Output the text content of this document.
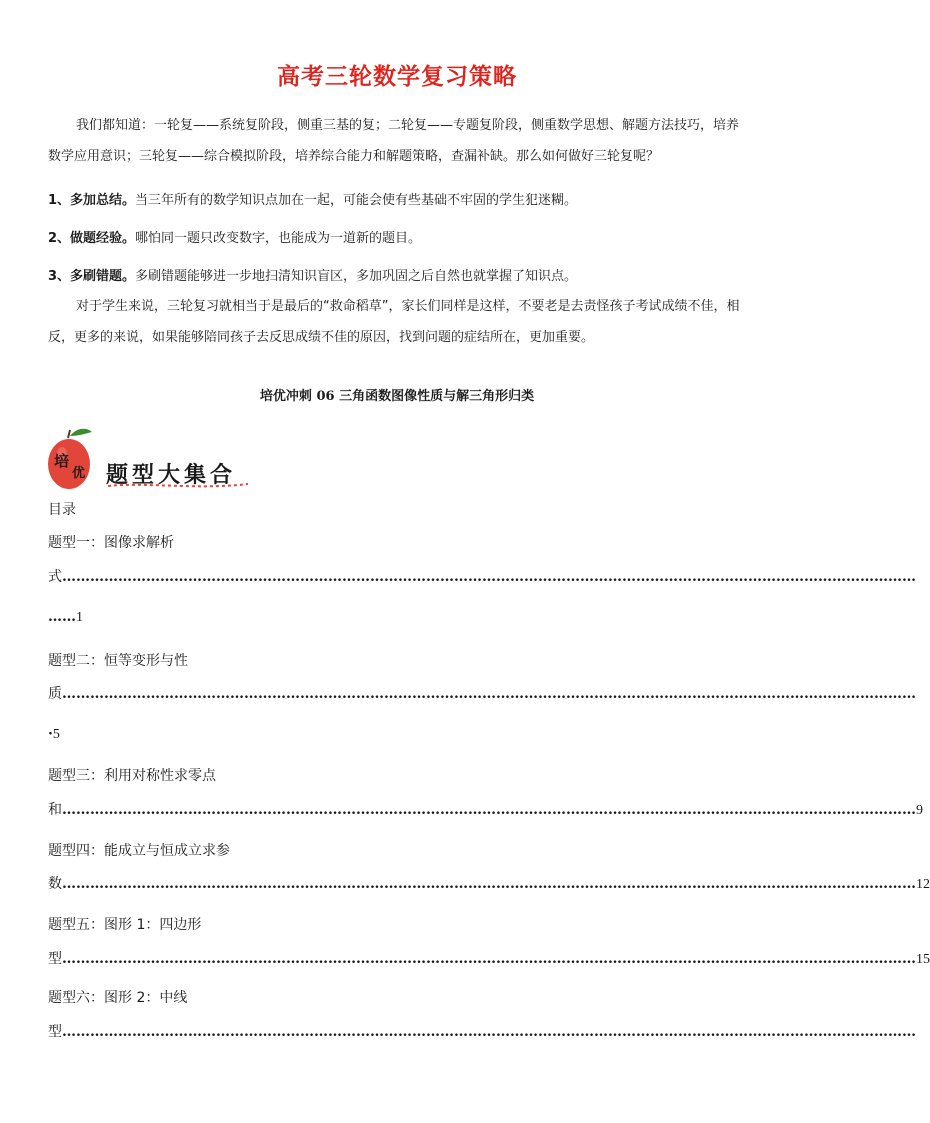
高考三轮数学复习策略
我们都知道：一轮复——系统复阶段，侧重三基的复；二轮复——专题复阶段，侧重数学思想、解题方法技巧，培养数学应用意识；三轮复——综合模拟阶段，培养综合能力和解题策略，查漏补缺。那么如何做好三轮复呢？
1、多加总结。当三年所有的数学知识点加在一起，可能会使有些基础不牢固的学生犯迷糊。
2、做题经验。哪怕同一题只改变数字，也能成为一道新的题目。
3、多刷错题。多刷错题能够进一步地扫清知识盲区，多加巩固之后自然也就掌握了知识点。
对于学生来说，三轮复习就相当于是最后的“救命稻草”，家长们同样是这样，不要老是去责怪孩子考试成绩不佳，相反，更多的来说，如果能够陪同孩子去反思成绩不佳的原因，找到问题的症结所在，更加重要。
培优冲刺 06 三角函数图像性质与解三角形归类
培
优 题型大集合
目录
题型一：图像求解析
式 …………………………………………………………………………………………………………………………………………………………………
……1
题型二：恒等变形与性
质 …………………………………………………………………………………………………………………………………………………………………
·5
题型三：利用对称性求零点
和 ………………………………………………………………………………………………………………………………………………………………… 9
题型四：能成立与恒成立求参
数 ………………………………………………………………………………………………………………………………………………………………… 12
题型五：图形 1：四边形
型 ………………………………………………………………………………………………………………………………………………………………… 15
题型六：图形 2：中线
型 …………………………………………………………………………………………………………………………………………………………………
